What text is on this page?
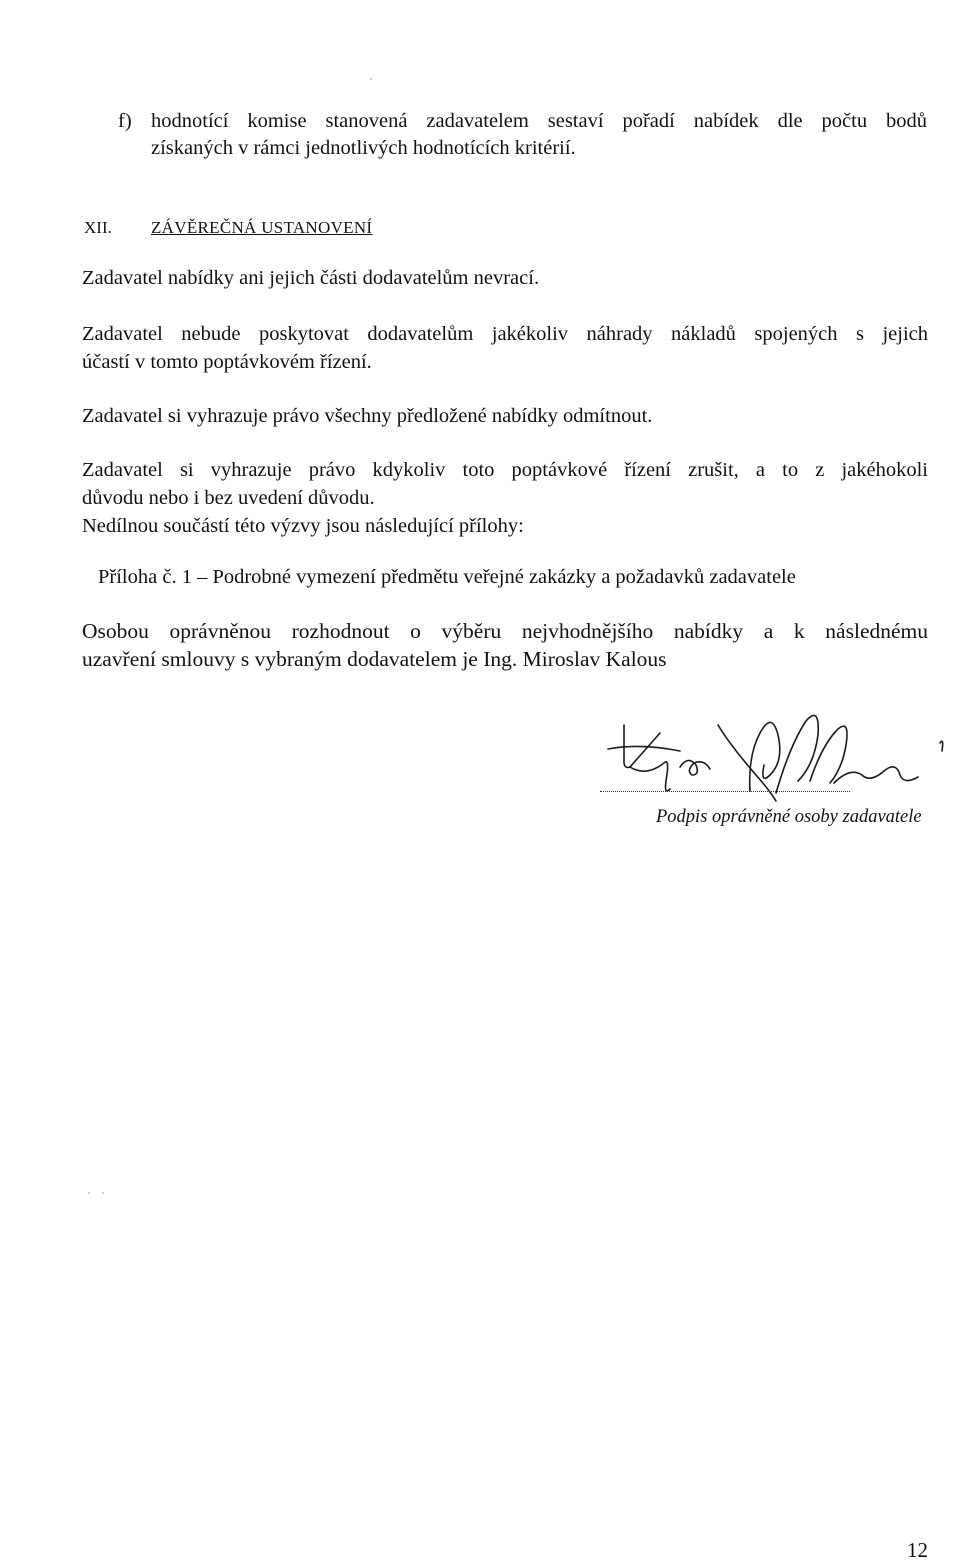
f) hodnotící komise stanovená zadavatelem sestaví pořadí nabídek dle počtu bodů
získaných v rámci jednotlivých hodnotících kritérií.
XII. ZÁVĚREČNÁ USTANOVENÍ
Zadavatel nabídky ani jejich části dodavatelům nevrací.
Zadavatel nebude poskytovat dodavatelům jakékoliv náhrady nákladů spojených s jejich
účastí v tomto poptávkovém řízení.
Zadavatel si vyhrazuje právo všechny předložené nabídky odmítnout.
Zadavatel si vyhrazuje právo kdykoliv toto poptávkové řízení zrušit, a to z jakéhokoli
důvodu nebo i bez uvedení důvodu.
Nedílnou součástí této výzvy jsou následující přílohy:
Příloha č. 1 – Podrobné vymezení předmětu veřejné zakázky a požadavků zadavatele
Osobou oprávněnou rozhodnout o výběru nejvhodnějšího nabídky a k následnému
uzavření smlouvy s vybraným dodavatelem je Ing. Miroslav Kalous
Podpis oprávněné osoby zadavatele
12
